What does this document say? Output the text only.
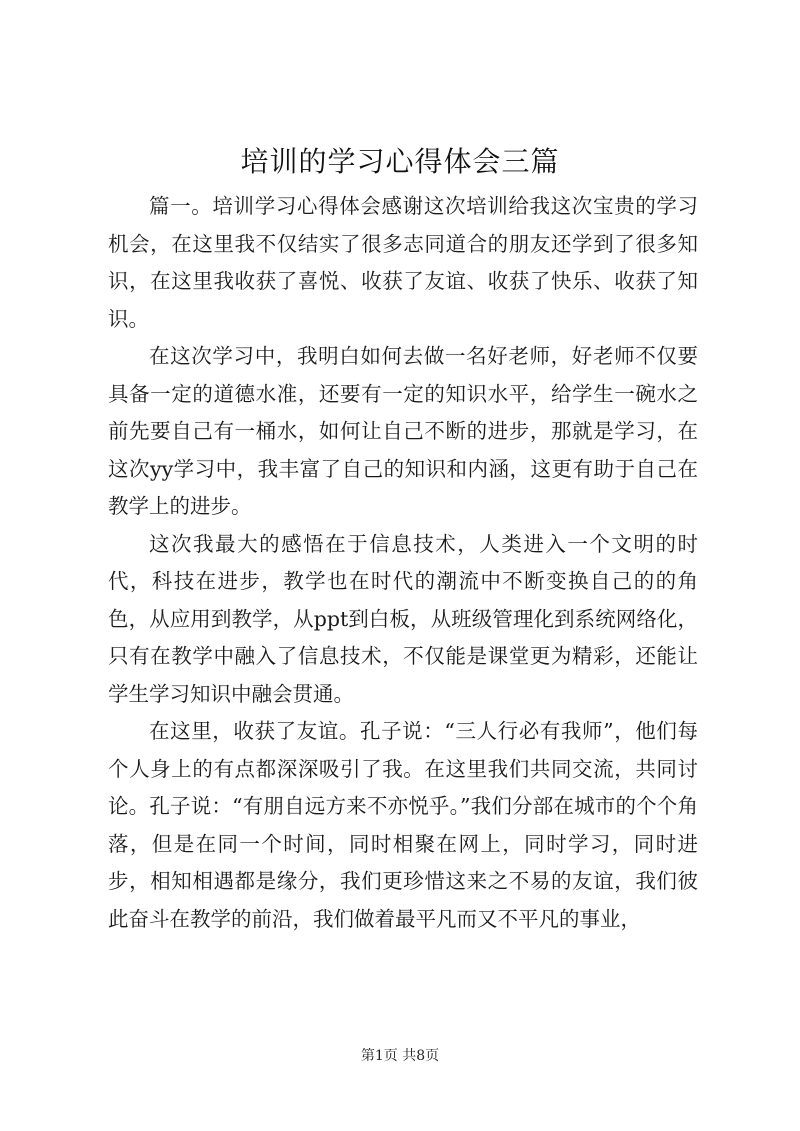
培训的学习心得体会三篇

篇一。培训学习心得体会感谢这次培训给我这次宝贵的学习机会，在这里我不仅结实了很多志同道合的朋友还学到了很多知识，在这里我收获了喜悦、收获了友谊、收获了快乐、收获了知识。

在这次学习中，我明白如何去做一名好老师，好老师不仅要具备一定的道德水准，还要有一定的知识水平，给学生一碗水之前先要自己有一桶水，如何让自己不断的进步，那就是学习，在这次yy学习中，我丰富了自己的知识和内涵，这更有助于自己在教学上的进步。

这次我最大的感悟在于信息技术，人类进入一个文明的时代，科技在进步，教学也在时代的潮流中不断变换自己的的角色，从应用到教学，从ppt到白板，从班级管理化到系统网络化，只有在教学中融入了信息技术，不仅能是课堂更为精彩，还能让学生学习知识中融会贯通。

在这里，收获了友谊。孔子说：“三人行必有我师”，他们每个人身上的有点都深深吸引了我。在这里我们共同交流，共同讨论。孔子说：“有朋自远方来不亦悦乎。”我们分部在城市的个个角落，但是在同一个时间，同时相聚在网上，同时学习，同时进步，相知相遇都是缘分，我们更珍惜这来之不易的友谊，我们彼此奋斗在教学的前沿，我们做着最平凡而又不平凡的事业，

第1页 共8页
